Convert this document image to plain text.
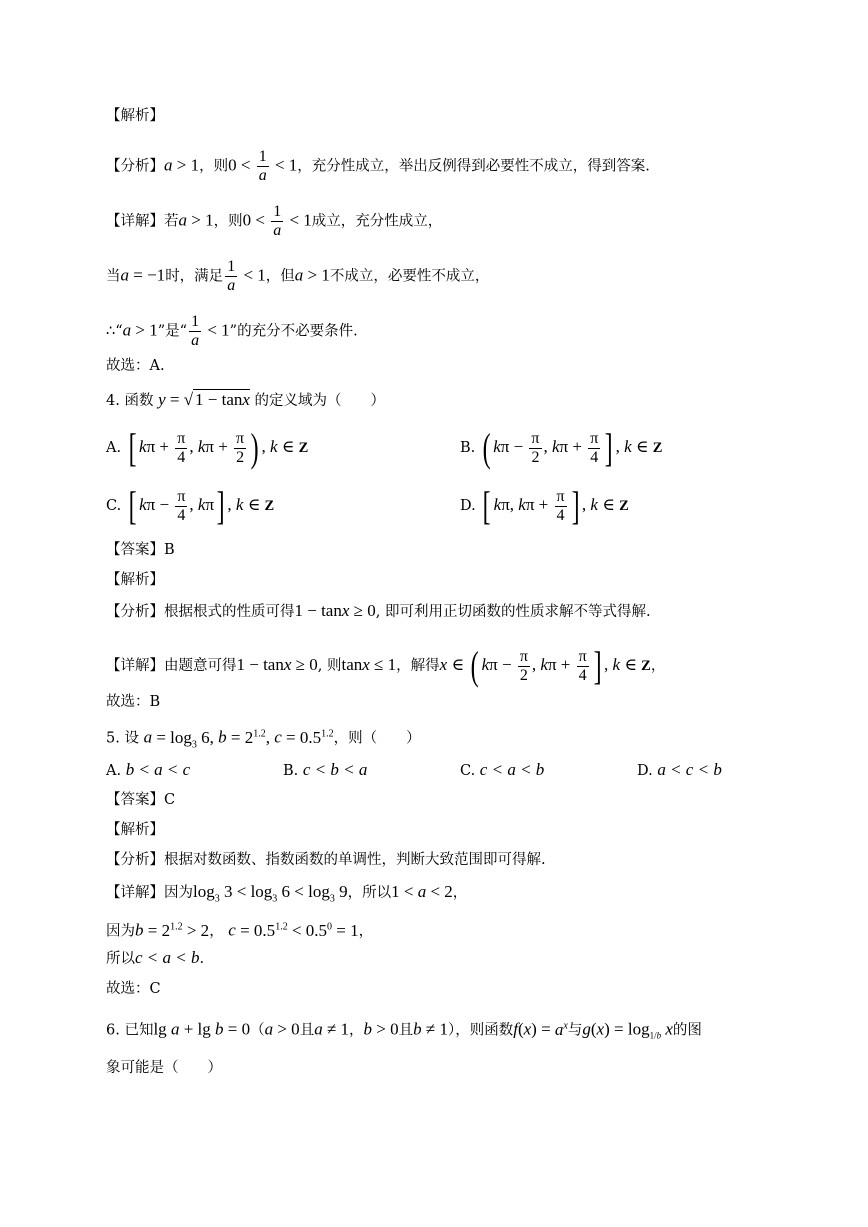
【解析】
【分析】a > 1，则$0 < \frac{1}{a} < 1$，充分性成立，举出反例得到必要性不成立，得到答案.
【详解】若a > 1，则$0 < \frac{1}{a} < 1$成立，充分性成立，
当a = −1时，满足 $\frac{1}{a} < 1$，但a > 1不成立，必要性不成立，
∴“a > 1”是“ $\frac{1}{a} < 1$”的充分不必要条件.
故选：A.
4. 函数 y = √ 1 − tanx 的定义域为（　　）
A. [ $k\pi + \frac{\pi}{4}$ , $k\pi + \frac{\pi}{2}$ ) , k ∈ Z	B. ( $k\pi - \frac{\pi}{2}$ , $k\pi + \frac{\pi}{4}$ ] , k ∈ Z
C. [ $k\pi - \frac{\pi}{4}$ , kπ] , k ∈ Z	D. [ kπ, $k\pi + \frac{\pi}{4}$ ] , k ∈ Z
【答案】B
【解析】
【分析】根据根式的性质可得1 − tanx ≥ 0, 即可利用正切函数的性质求解不等式得解.
【详解】由题意可得1 − tanx ≥ 0, 则tanx ≤ 1，解得x ∈ ( $k\pi - \frac{\pi}{2}$ , $k\pi + \frac{\pi}{4}$ ] , k ∈ Z，
故选：B
5. 设 $a = \log_3 6$, $b = 2^{1.2}$, $c = 0.5^{1.2}$，则（　　）
A. b < a < c	B. c < b < a	C. c < a < b	D. a < c < b
【答案】C
【解析】
【分析】根据对数函数、指数函数的单调性，判断大致范围即可得解.
【详解】因为$\log_3 3 < \log_3 6 < \log_3 9$，所以1 < a < 2，
因为$b = 2^{1.2} > 2$， $c = 0.5^{1.2} < 0.5^0 = 1$，
所以c < a < b.
故选：C
6. 已知lg a + lg b = 0（a > 0且a ≠ 1，b > 0且b ≠ 1），则函数$f(x) = a^x$与$g(x) = \log_{1/b} x$的图
象可能是（　　）
